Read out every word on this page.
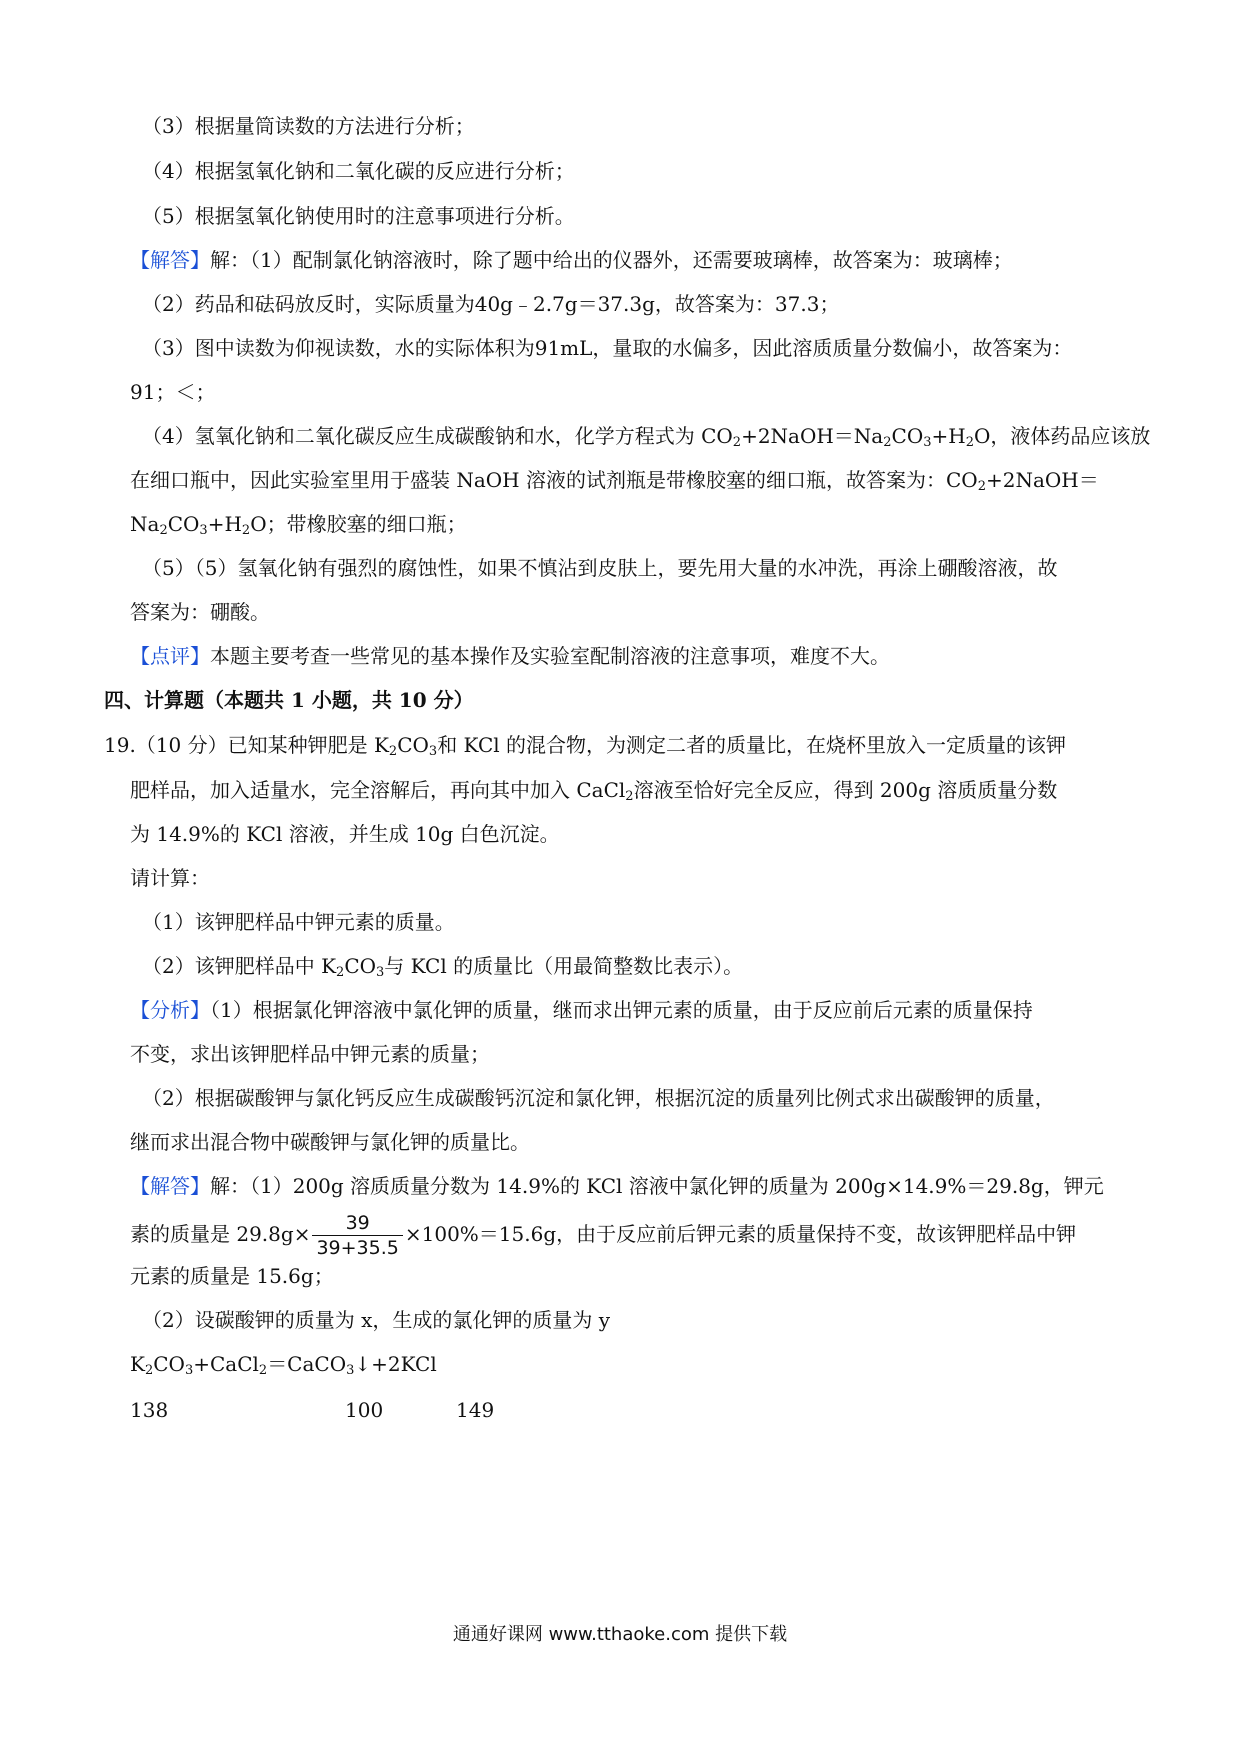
（3）根据量筒读数的方法进行分析；
（4）根据氢氧化钠和二氧化碳的反应进行分析；
（5）根据氢氧化钠使用时的注意事项进行分析。
【解答】解：（1）配制氯化钠溶液时，除了题中给出的仪器外，还需要玻璃棒，故答案为：玻璃棒；
（2）药品和砝码放反时，实际质量为40g﹣2.7g＝37.3g，故答案为：37.3；
（3）图中读数为仰视读数，水的实际体积为91mL，量取的水偏多，因此溶质质量分数偏小，故答案为：
91；＜；
（4）氢氧化钠和二氧化碳反应生成碳酸钠和水，化学方程式为 $CO_2+2NaOH=Na_2CO_3+H_2O$，液体药品应该放
在细口瓶中，因此实验室里用于盛装 NaOH 溶液的试剂瓶是带橡胶塞的细口瓶，故答案为：$CO_2+2NaOH=$
$Na_2CO_3+H_2O$；带橡胶塞的细口瓶；
（5）（5）氢氧化钠有强烈的腐蚀性，如果不慎沾到皮肤上，要先用大量的水冲洗，再涂上硼酸溶液，故
答案为：硼酸。
【点评】本题主要考查一些常见的基本操作及实验室配制溶液的注意事项，难度不大。
四、计算题（本题共 1 小题，共 10 分）
19.（10 分）已知某种钾肥是 $K_2CO_3$和 KCl 的混合物，为测定二者的质量比，在烧杯里放入一定质量的该钾
肥样品，加入适量水，完全溶解后，再向其中加入 CaCl$_2$溶液至恰好完全反应，得到 200g 溶质质量分数
为 14.9%的 KCl 溶液，并生成 10g 白色沉淀。
请计算：
（1）该钾肥样品中钾元素的质量。
（2）该钾肥样品中 $K_2CO_3$与 KCl 的质量比（用最简整数比表示）。
【分析】（1）根据氯化钾溶液中氯化钾的质量，继而求出钾元素的质量，由于反应前后元素的质量保持
不变，求出该钾肥样品中钾元素的质量；
（2）根据碳酸钾与氯化钙反应生成碳酸钙沉淀和氯化钾，根据沉淀的质量列比例式求出碳酸钾的质量，
继而求出混合物中碳酸钾与氯化钾的质量比。
【解答】解：（1）200g 溶质质量分数为 14.9%的 KCl 溶液中氯化钾的质量为 200g×14.9%＝29.8g，钾元
素的质量是 $29.8g\times \frac{39}{39+35.5} \times 100\%=15.6g$，由于反应前后钾元素的质量保持不变，故该钾肥样品中钾
元素的质量是 15.6g；
（2）设碳酸钾的质量为 x，生成的氯化钾的质量为 y
$K_2CO_3+CaCl_2=CaCO_3↓+2KCl$
138	100	149
通通好课网 www.tthaoke.com 提供下载
